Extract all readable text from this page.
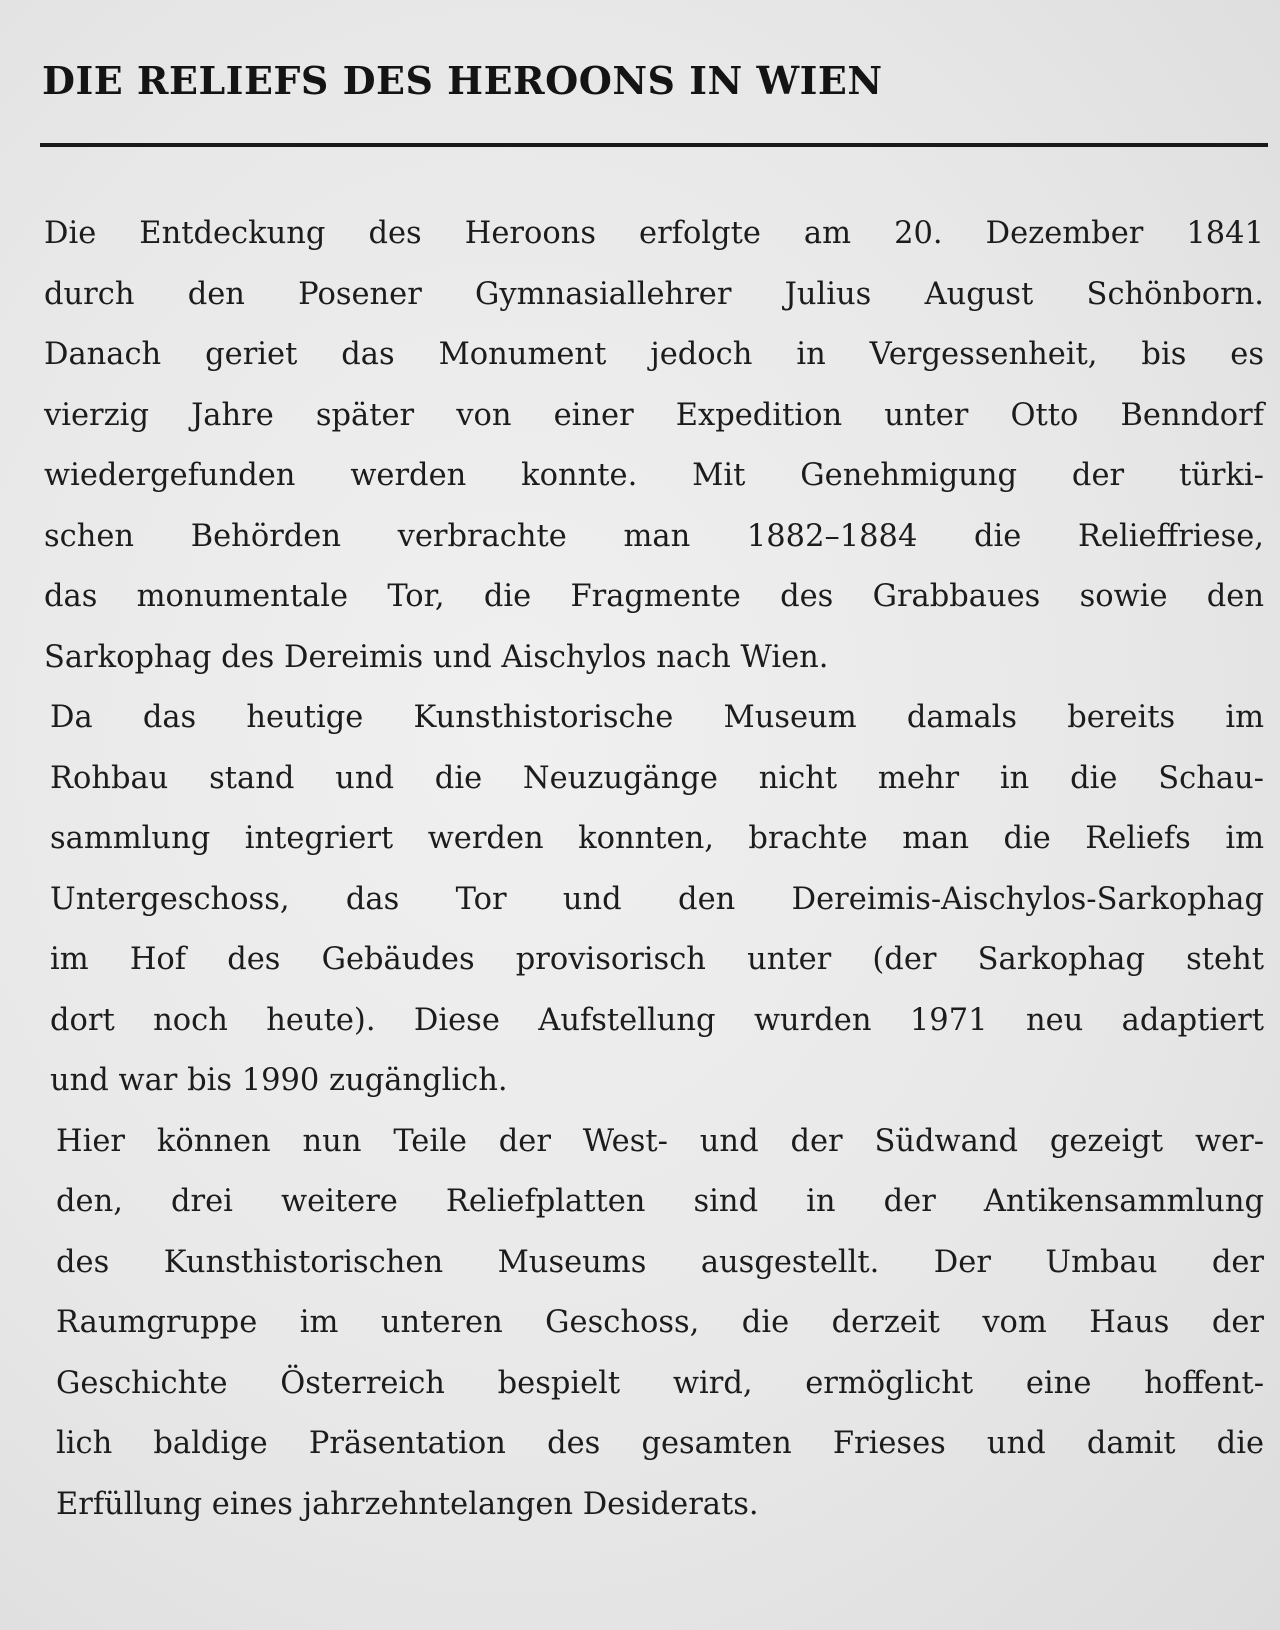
DIE RELIEFS DES HEROONS IN WIEN
Die Entdeckung des Heroons erfolgte am 20. Dezember 1841
durch den Posener Gymnasiallehrer Julius August Schönborn.
Danach geriet das Monument jedoch in Vergessenheit, bis es
vierzig Jahre später von einer Expedition unter Otto Benndorf
wiedergefunden werden konnte. Mit Genehmigung der türki-
schen Behörden verbrachte man 1882–1884 die Relieffriese,
das monumentale Tor, die Fragmente des Grabbaues sowie den
Sarkophag des Dereimis und Aischylos nach Wien.
Da das heutige Kunsthistorische Museum damals bereits im
Rohbau stand und die Neuzugänge nicht mehr in die Schau-
sammlung integriert werden konnten, brachte man die Reliefs im
Untergeschoss, das Tor und den Dereimis-Aischylos-Sarkophag
im Hof des Gebäudes provisorisch unter (der Sarkophag steht
dort noch heute). Diese Aufstellung wurden 1971 neu adaptiert
und war bis 1990 zugänglich.
Hier können nun Teile der West- und der Südwand gezeigt wer-
den, drei weitere Reliefplatten sind in der Antikensammlung
des Kunsthistorischen Museums ausgestellt. Der Umbau der
Raumgruppe im unteren Geschoss, die derzeit vom Haus der
Geschichte Österreich bespielt wird, ermöglicht eine hoffent-
lich baldige Präsentation des gesamten Frieses und damit die
Erfüllung eines jahrzehntelangen Desiderats.
